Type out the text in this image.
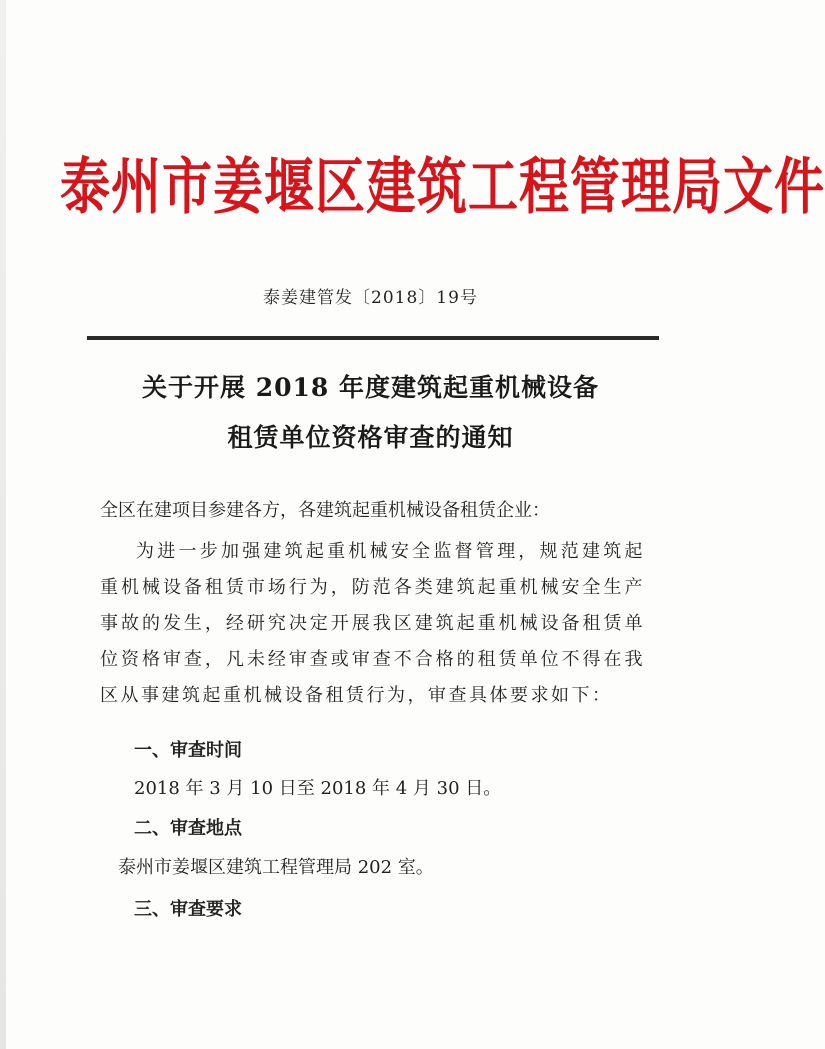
泰州市姜堰区建筑工程管理局文件
泰姜建管发〔2018〕19号
关于开展 2018 年度建筑起重机械设备
租赁单位资格审查的通知
全区在建项目参建各方，各建筑起重机械设备租赁企业：

为进一步加强建筑起重机械安全监督管理，规范建筑起重机械设备租赁市场行为，防范各类建筑起重机械安全生产事故的发生，经研究决定开展我区建筑起重机械设备租赁单位资格审查，凡未经审查或审查不合格的租赁单位不得在我区从事建筑起重机械设备租赁行为，审查具体要求如下：

一、审查时间
2018 年 3 月 10 日至 2018 年 4 月 30 日。
二、审查地点
泰州市姜堰区建筑工程管理局 202 室。
三、审查要求
